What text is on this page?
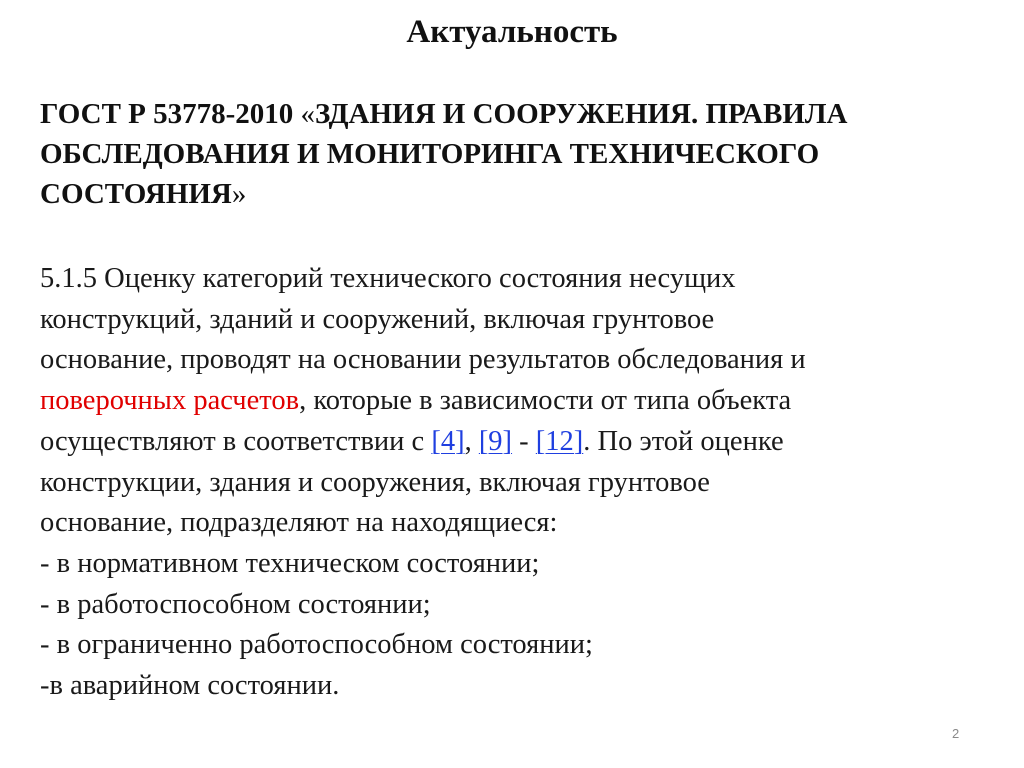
Актуальность
ГОСТ Р 53778-2010 «ЗДАНИЯ И СООРУЖЕНИЯ. ПРАВИЛА
ОБСЛЕДОВАНИЯ И МОНИТОРИНГА ТЕХНИЧЕСКОГО
СОСТОЯНИЯ»
5.1.5 Оценку категорий технического состояния несущих
конструкций, зданий и сооружений, включая грунтовое
основание, проводят на основании результатов обследования и
поверочных расчетов, которые в зависимости от типа объекта
осуществляют в соответствии с [4], [9] - [12]. По этой оценке
конструкции, здания и сооружения, включая грунтовое
основание, подразделяют на находящиеся:
- в нормативном техническом состоянии;
- в работоспособном состоянии;
- в ограниченно работоспособном состоянии;
-в аварийном состоянии.
2
